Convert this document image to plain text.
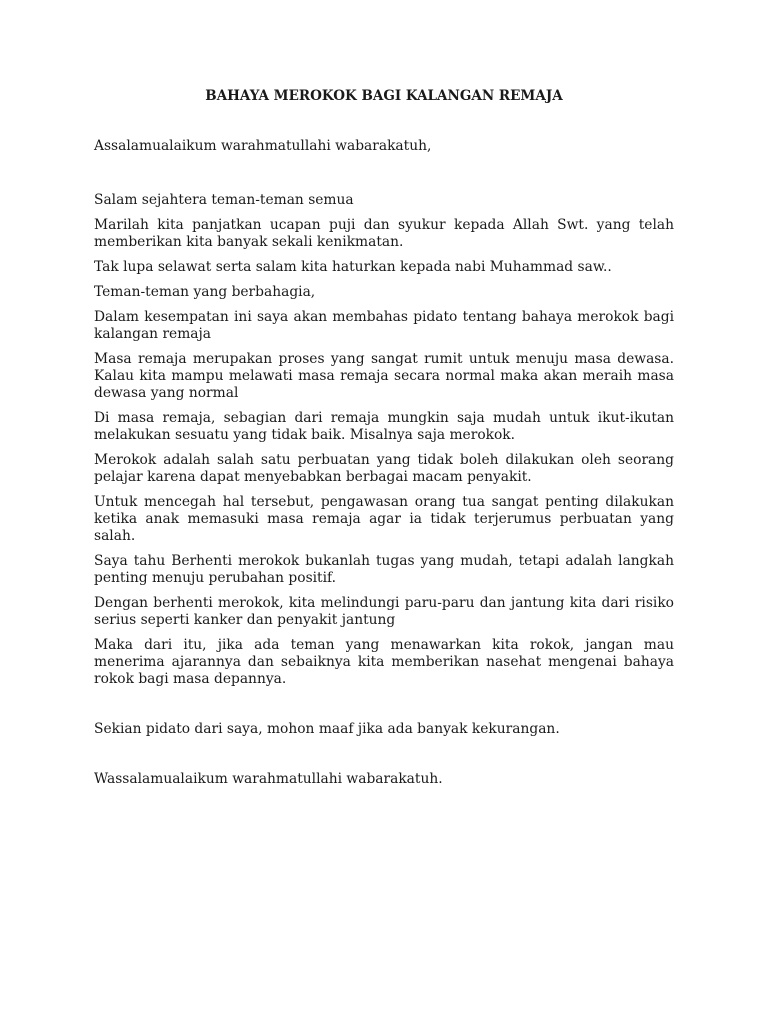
BAHAYA MEROKOK BAGI KALANGAN REMAJA

Assalamualaikum warahmatullahi wabarakatuh,

Salam sejahtera teman-teman semua

Marilah kita panjatkan ucapan puji dan syukur kepada Allah Swt. yang telah memberikan kita banyak sekali kenikmatan.

Tak lupa selawat serta salam kita haturkan kepada nabi Muhammad saw..

Teman-teman yang berbahagia,

Dalam kesempatan ini saya akan membahas pidato tentang bahaya merokok bagi kalangan remaja

Masa remaja merupakan proses yang sangat rumit untuk menuju masa dewasa. Kalau kita mampu melawati masa remaja secara normal maka akan meraih masa dewasa yang normal

Di masa remaja, sebagian dari remaja mungkin saja mudah untuk ikut-ikutan melakukan sesuatu yang tidak baik. Misalnya saja merokok.

Merokok adalah salah satu perbuatan yang tidak boleh dilakukan oleh seorang pelajar karena dapat menyebabkan berbagai macam penyakit.

Untuk mencegah hal tersebut, pengawasan orang tua sangat penting dilakukan ketika anak memasuki masa remaja agar ia tidak terjerumus perbuatan yang salah.

Saya tahu Berhenti merokok bukanlah tugas yang mudah, tetapi adalah langkah penting menuju perubahan positif.

Dengan berhenti merokok, kita melindungi paru-paru dan jantung kita dari risiko serius seperti kanker dan penyakit jantung

Maka dari itu, jika ada teman yang menawarkan kita rokok, jangan mau menerima ajarannya dan sebaiknya kita memberikan nasehat mengenai bahaya rokok bagi masa depannya.

Sekian pidato dari saya, mohon maaf jika ada banyak kekurangan.

Wassalamualaikum warahmatullahi wabarakatuh.
